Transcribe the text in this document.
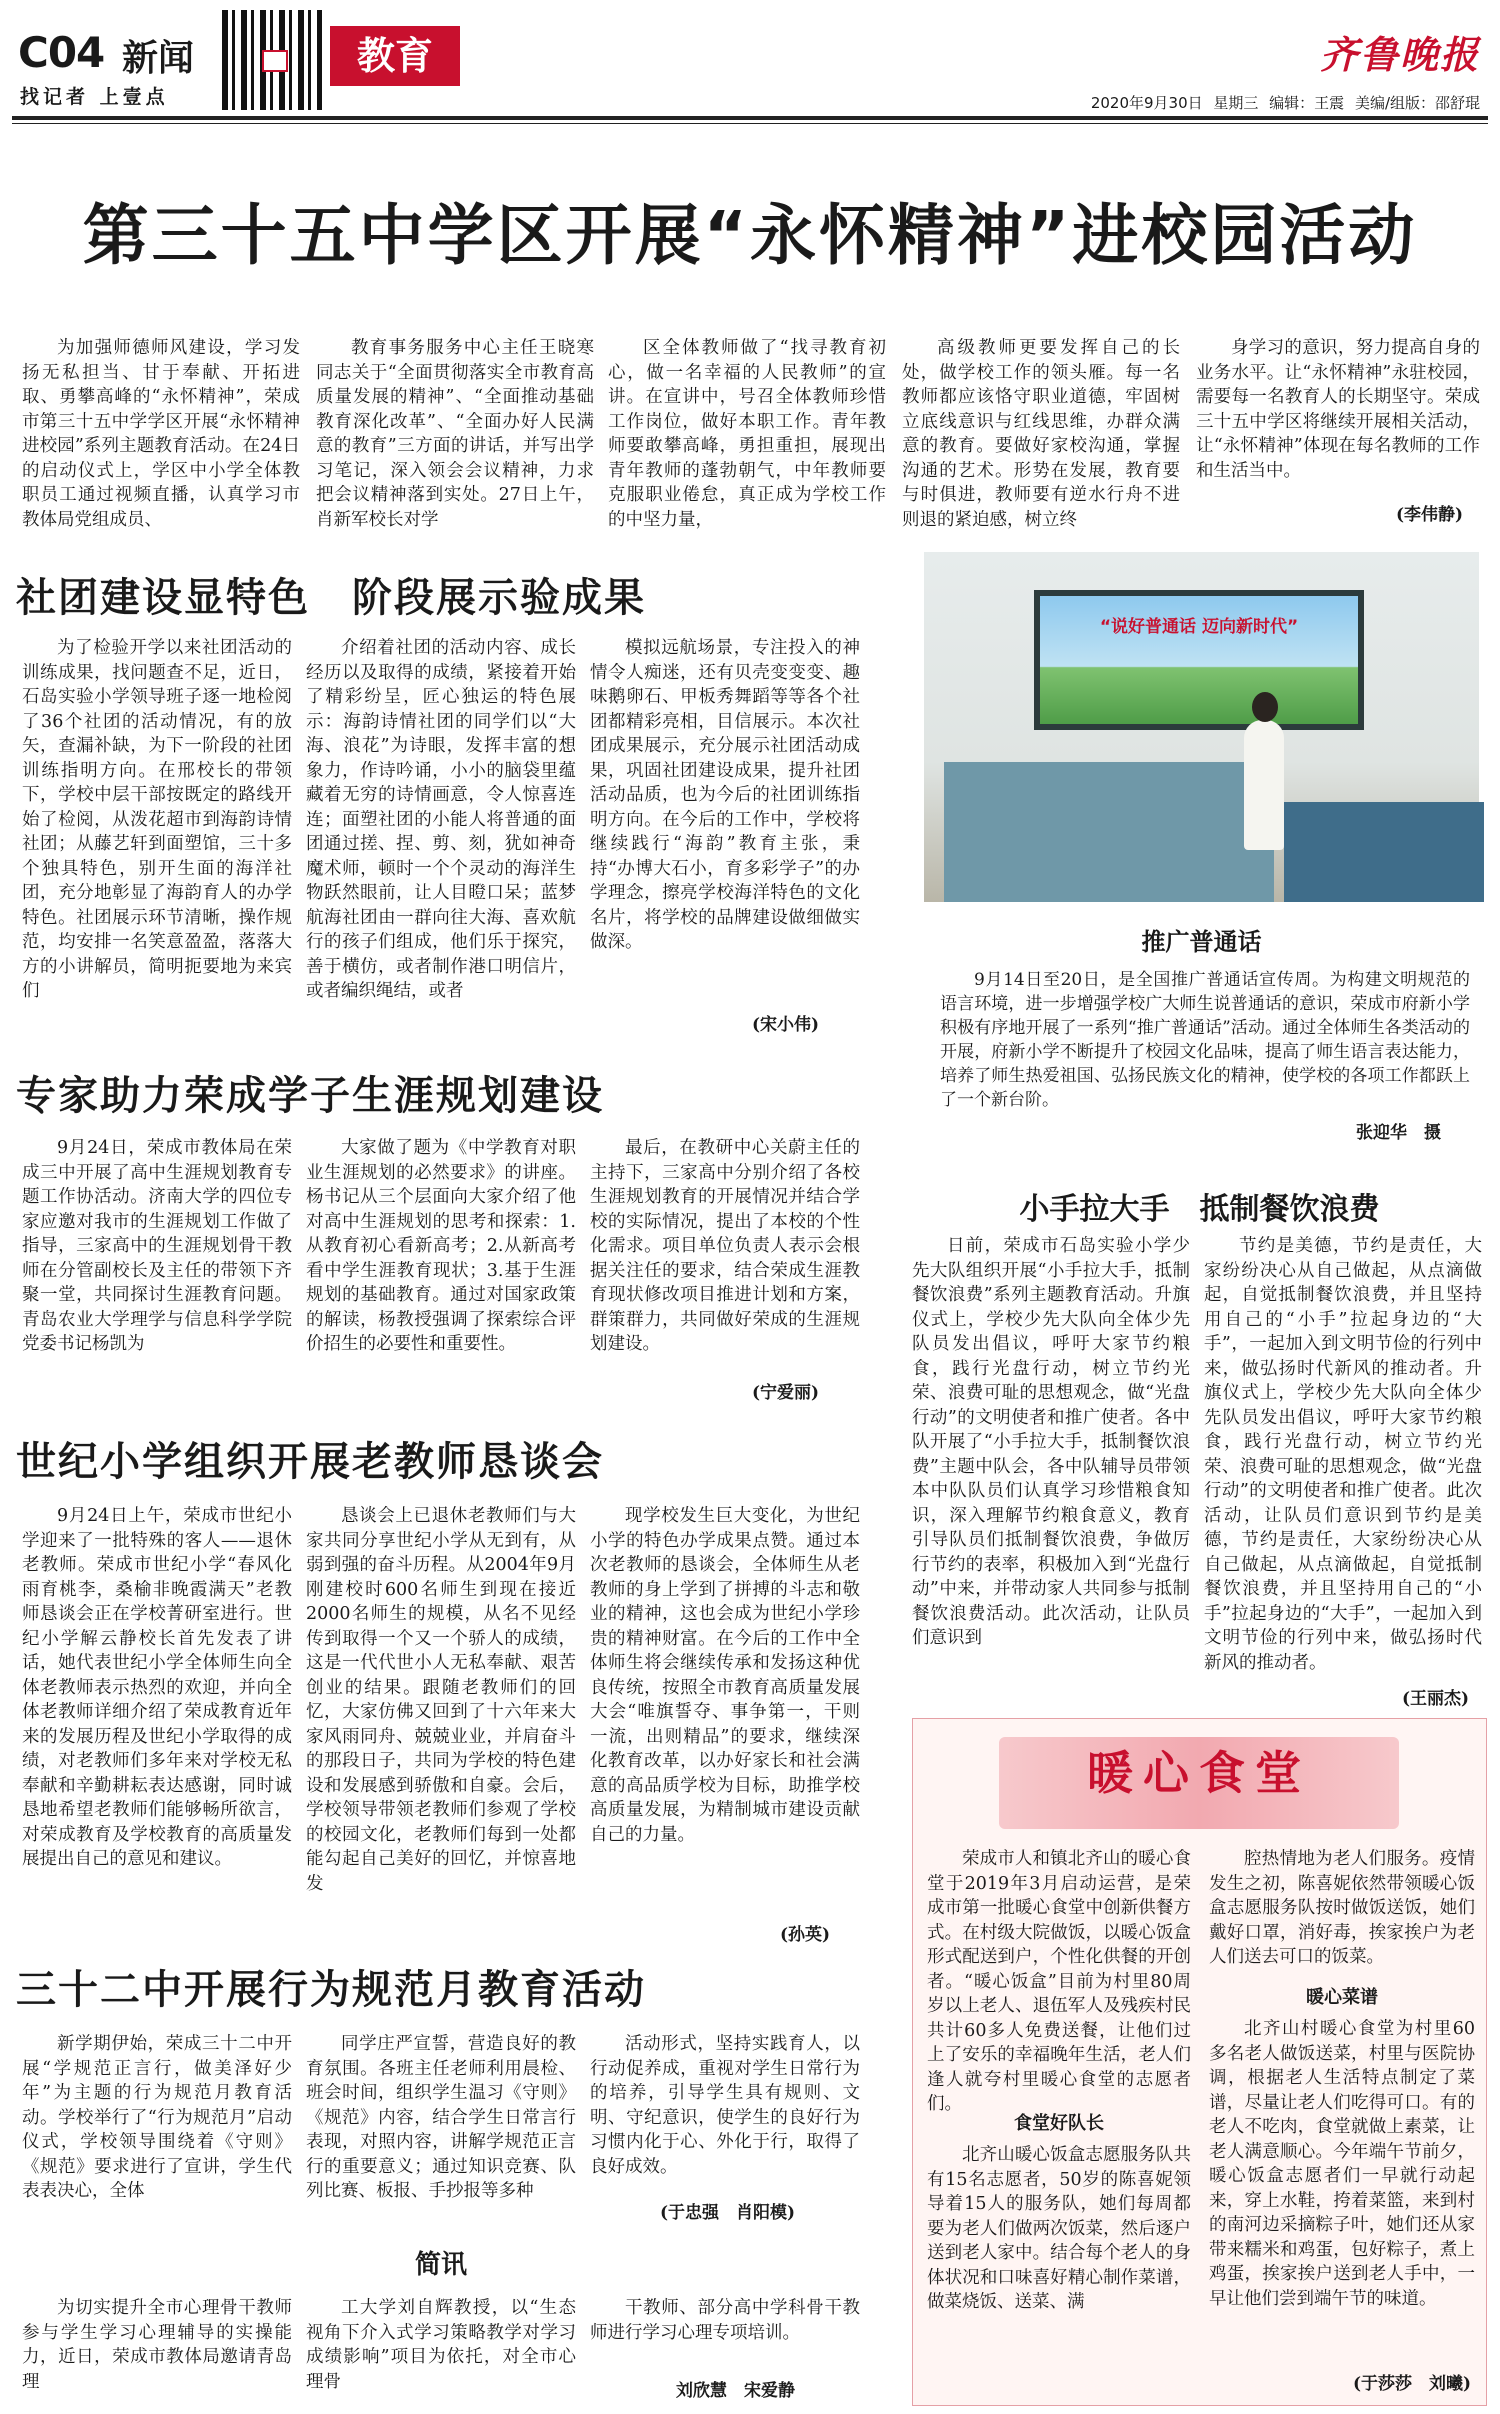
C04 新闻
找记者 上壹点
教育	齐鲁晚报
2020年9月30日 星期三 编辑：王震 美编/组版：邵舒琨
第三十五中学区开展“永怀精神”进校园活动
为加强师德师风建设，学习发扬无私担当、甘于奉献、开拓进取、勇攀高峰的“永怀精神”，荣成市第三十五中学学区开展“永怀精神进校园”系列主题教育活动。在24日的启动仪式上，学区中小学全体教职员工通过视频直播，认真学习市教体局党组成员、
教育事务服务中心主任王晓寒同志关于“全面贯彻落实全市教育高质量发展的精神”、“全面推动基础教育深化改革”、“全面办好人民满意的教育”三方面的讲话，并写出学习笔记，深入领会会议精神，力求把会议精神落到实处。27日上午，肖新军校长对学
区全体教师做了“找寻教育初心，做一名幸福的人民教师”的宣讲。在宣讲中，号召全体教师珍惜工作岗位，做好本职工作。青年教师要敢攀高峰，勇担重担，展现出青年教师的蓬勃朝气，中年教师要克服职业倦怠，真正成为学校工作的中坚力量，
高级教师更要发挥自己的长处，做学校工作的领头雁。每一名教师都应该恪守职业道德，牢固树立底线意识与红线思维，办群众满意的教育。要做好家校沟通，掌握沟通的艺术。形势在发展，教育要与时俱进，教师要有逆水行舟不进则退的紧迫感，树立终
身学习的意识，努力提高自身的业务水平。让“永怀精神”永驻校园，需要每一名教育人的长期坚守。荣成三十五中学区将继续开展相关活动，让“永怀精神”体现在每名教师的工作和生活当中。
(李伟静)
社团建设显特色　阶段展示验成果
为了检验开学以来社团活动的训练成果，找问题查不足，近日，石岛实验小学领导班子逐一地检阅了36个社团的活动情况，有的放矢，查漏补缺，为下一阶段的社团训练指明方向。在邢校长的带领下，学校中层干部按既定的路线开始了检阅，从泼花超市到海韵诗情社团；从藤艺轩到面塑馆，三十多个独具特色，别开生面的海洋社团，充分地彰显了海韵育人的办学特色。社团展示环节清晰，操作规范，均安排一名笑意盈盈，落落大方的小讲解员，简明扼要地为来宾们
介绍着社团的活动内容、成长经历以及取得的成绩，紧接着开始了精彩纷呈，匠心独运的特色展示：海韵诗情社团的同学们以“大海、浪花”为诗眼，发挥丰富的想象力，作诗吟诵，小小的脑袋里蕴藏着无穷的诗情画意，令人惊喜连连；面塑社团的小能人将普通的面团通过搓、捏、剪、刻，犹如神奇魔术师，顿时一个个灵动的海洋生物跃然眼前，让人目瞪口呆；蓝梦航海社团由一群向往大海、喜欢航行的孩子们组成，他们乐于探究，善于横仿，或者制作港口明信片，或者编织绳结，或者
模拟远航场景，专注投入的神情令人痴迷，还有贝壳变变变、趣味鹅卵石、甲板秀舞蹈等等各个社团都精彩亮相，目信展示。本次社团成果展示，充分展示社团活动成果，巩固社团建设成果，提升社团活动品质，也为今后的社团训练指明方向。在今后的工作中，学校将继续践行“海韵”教育主张，秉持“办博大石小，育多彩学子”的办学理念，擦亮学校海洋特色的文化名片，将学校的品牌建设做细做实做深。
(宋小伟)
“说好普通话 迈向新时代”
推广普通话
9月14日至20日，是全国推广普通话宣传周。为构建文明规范的语言环境，进一步增强学校广大师生说普通话的意识，荣成市府新小学积极有序地开展了一系列“推广普通话”活动。通过全体师生各类活动的开展，府新小学不断提升了校园文化品味，提高了师生语言表达能力，培养了师生热爱祖国、弘扬民族文化的精神，使学校的各项工作都跃上了一个新台阶。
张迎华　摄
专家助力荣成学子生涯规划建设
9月24日，荣成市教体局在荣成三中开展了高中生涯规划教育专题工作协活动。济南大学的四位专家应邀对我市的生涯规划工作做了指导，三家高中的生涯规划骨干教师在分管副校长及主任的带领下齐聚一堂，共同探讨生涯教育问题。青岛农业大学理学与信息科学学院党委书记杨凯为
大家做了题为《中学教育对职业生涯规划的必然要求》的讲座。杨书记从三个层面向大家介绍了他对高中生涯规划的思考和探索：1.从教育初心看新高考；2.从新高考看中学生涯教育现状；3.基于生涯规划的基础教育。通过对国家政策的解读，杨教授强调了探索综合评价招生的必要性和重要性。
最后，在教研中心关蔚主任的主持下，三家高中分别介绍了各校生涯规划教育的开展情况并结合学校的实际情况，提出了本校的个性化需求。项目单位负责人表示会根据关注任的要求，结合荣成生涯教育现状修改项目推进计划和方案，群策群力，共同做好荣成的生涯规划建设。
(宁爱丽)
世纪小学组织开展老教师恳谈会
9月24日上午，荣成市世纪小学迎来了一批特殊的客人——退休老教师。荣成市世纪小学“春风化雨育桃李，桑榆非晚霞满天”老教师恳谈会正在学校菁研室进行。世纪小学解云静校长首先发表了讲话，她代表世纪小学全体师生向全体老教师表示热烈的欢迎，并向全体老教师详细介绍了荣成教育近年来的发展历程及世纪小学取得的成绩，对老教师们多年来对学校无私奉献和辛勤耕耘表达感谢，同时诚恳地希望老教师们能够畅所欲言，对荣成教育及学校教育的高质量发展提出自己的意见和建议。
恳谈会上已退休老教师们与大家共同分享世纪小学从无到有，从弱到强的奋斗历程。从2004年9月刚建校时600名师生到现在接近2000名师生的规模，从名不见经传到取得一个又一个骄人的成绩，这是一代代世小人无私奉献、艰苦创业的结果。跟随老教师们的回忆，大家仿佛又回到了十六年来大家风雨同舟、兢兢业业，并肩奋斗的那段日子，共同为学校的特色建设和发展感到骄傲和自豪。会后，学校领导带领老教师们参观了学校的校园文化，老教师们每到一处都能勾起自己美好的回忆，并惊喜地发
现学校发生巨大变化，为世纪小学的特色办学成果点赞。通过本次老教师的恳谈会，全体师生从老教师的身上学到了拼搏的斗志和敬业的精神，这也会成为世纪小学珍贵的精神财富。在今后的工作中全体师生将会继续传承和发扬这种优良传统，按照全市教育高质量发展大会“唯旗誓夺、事争第一，干则一流，出则精品”的要求，继续深化教育改革，以办好家长和社会满意的高品质学校为目标，助推学校高质量发展，为精制城市建设贡献自己的力量。
(孙英)
三十二中开展行为规范月教育活动
新学期伊始，荣成三十二中开展“学规范正言行，做美泽好少年”为主题的行为规范月教育活动。学校举行了“行为规范月”启动仪式，学校领导围绕着《守则》《规范》要求进行了宣讲，学生代表表决心，全体
同学庄严宣誓，营造良好的教育氛围。各班主任老师利用晨检、班会时间，组织学生温习《守则》《规范》内容，结合学生日常言行表现，对照内容，讲解学规范正言行的重要意义；通过知识竞赛、队列比赛、板报、手抄报等多种
活动形式，坚持实践育人，以行动促养成，重视对学生日常行为的培养，引导学生具有规则、文明、守纪意识，使学生的良好行为习惯内化于心、外化于行，取得了良好成效。
(于忠强　肖阳模)
简讯
为切实提升全市心理骨干教师参与学生学习心理辅导的实操能力，近日，荣成市教体局邀请青岛理
工大学刘自辉教授，以“生态视角下介入式学习策略教学对学习成绩影响”项目为依托，对全市心理骨
干教师、部分高中学科骨干教师进行学习心理专项培训。
刘欣慧　宋爱静
小手拉大手　抵制餐饮浪费
日前，荣成市石岛实验小学少先大队组织开展“小手拉大手，抵制餐饮浪费”系列主题教育活动。升旗仪式上，学校少先大队向全体少先队员发出倡议，呼吁大家节约粮食，践行光盘行动，树立节约光荣、浪费可耻的思想观念，做“光盘行动”的文明使者和推广使者。各中队开展了“小手拉大手，抵制餐饮浪费”主题中队会，各中队辅导员带领本中队队员们认真学习珍惜粮食知识，深入理解节约粮食意义，教育引导队员们抵制餐饮浪费，争做厉行节约的表率，积极加入到“光盘行动”中来，并带动家人共同参与抵制餐饮浪费活动。此次活动，让队员们意识到
节约是美德，节约是责任，大家纷纷决心从自己做起，从点滴做起，自觉抵制餐饮浪费，并且坚持用自己的“小手”拉起身边的“大手”，一起加入到文明节俭的行列中来，做弘扬时代新风的推动者。升旗仪式上，学校少先大队向全体少先队员发出倡议，呼吁大家节约粮食，践行光盘行动，树立节约光荣、浪费可耻的思想观念，做“光盘行动”的文明使者和推广使者。此次活动，让队员们意识到节约是美德，节约是责任，大家纷纷决心从自己做起，从点滴做起，自觉抵制餐饮浪费，并且坚持用自己的“小手”拉起身边的“大手”，一起加入到文明节俭的行列中来，做弘扬时代新风的推动者。
(王丽杰)
暖心食堂
荣成市人和镇北齐山的暖心食堂于2019年3月启动运营，是荣成市第一批暖心食堂中创新供餐方式。在村级大院做饭，以暖心饭盒形式配送到户，个性化供餐的开创者。“暖心饭盒”目前为村里80周岁以上老人、退伍军人及残疾村民共计60多人免费送餐，让他们过上了安乐的幸福晚年生活，老人们逢人就夸村里暖心食堂的志愿者们。
食堂好队长
北齐山暖心饭盒志愿服务队共有15名志愿者，50岁的陈喜妮领导着15人的服务队，她们每周都要为老人们做两次饭菜，然后逐户送到老人家中。结合每个老人的身体状况和口味喜好精心制作菜谱，做菜烧饭、送菜、满
腔热情地为老人们服务。疫情发生之初，陈喜妮依然带领暖心饭盒志愿服务队按时做饭送饭，她们戴好口罩，消好毒，挨家挨户为老人们送去可口的饭菜。
暖心菜谱
北齐山村暖心食堂为村里60多名老人做饭送菜，村里与医院协调，根据老人生活特点制定了菜谱，尽量让老人们吃得可口。有的老人不吃肉，食堂就做上素菜，让老人满意顺心。今年端午节前夕，暖心饭盒志愿者们一早就行动起来，穿上水鞋，挎着菜篮，来到村的南河边采摘粽子叶，她们还从家带来糯米和鸡蛋，包好粽子，煮上鸡蛋，挨家挨户送到老人手中，一早让他们尝到端午节的味道。
(于莎莎　刘曦)
